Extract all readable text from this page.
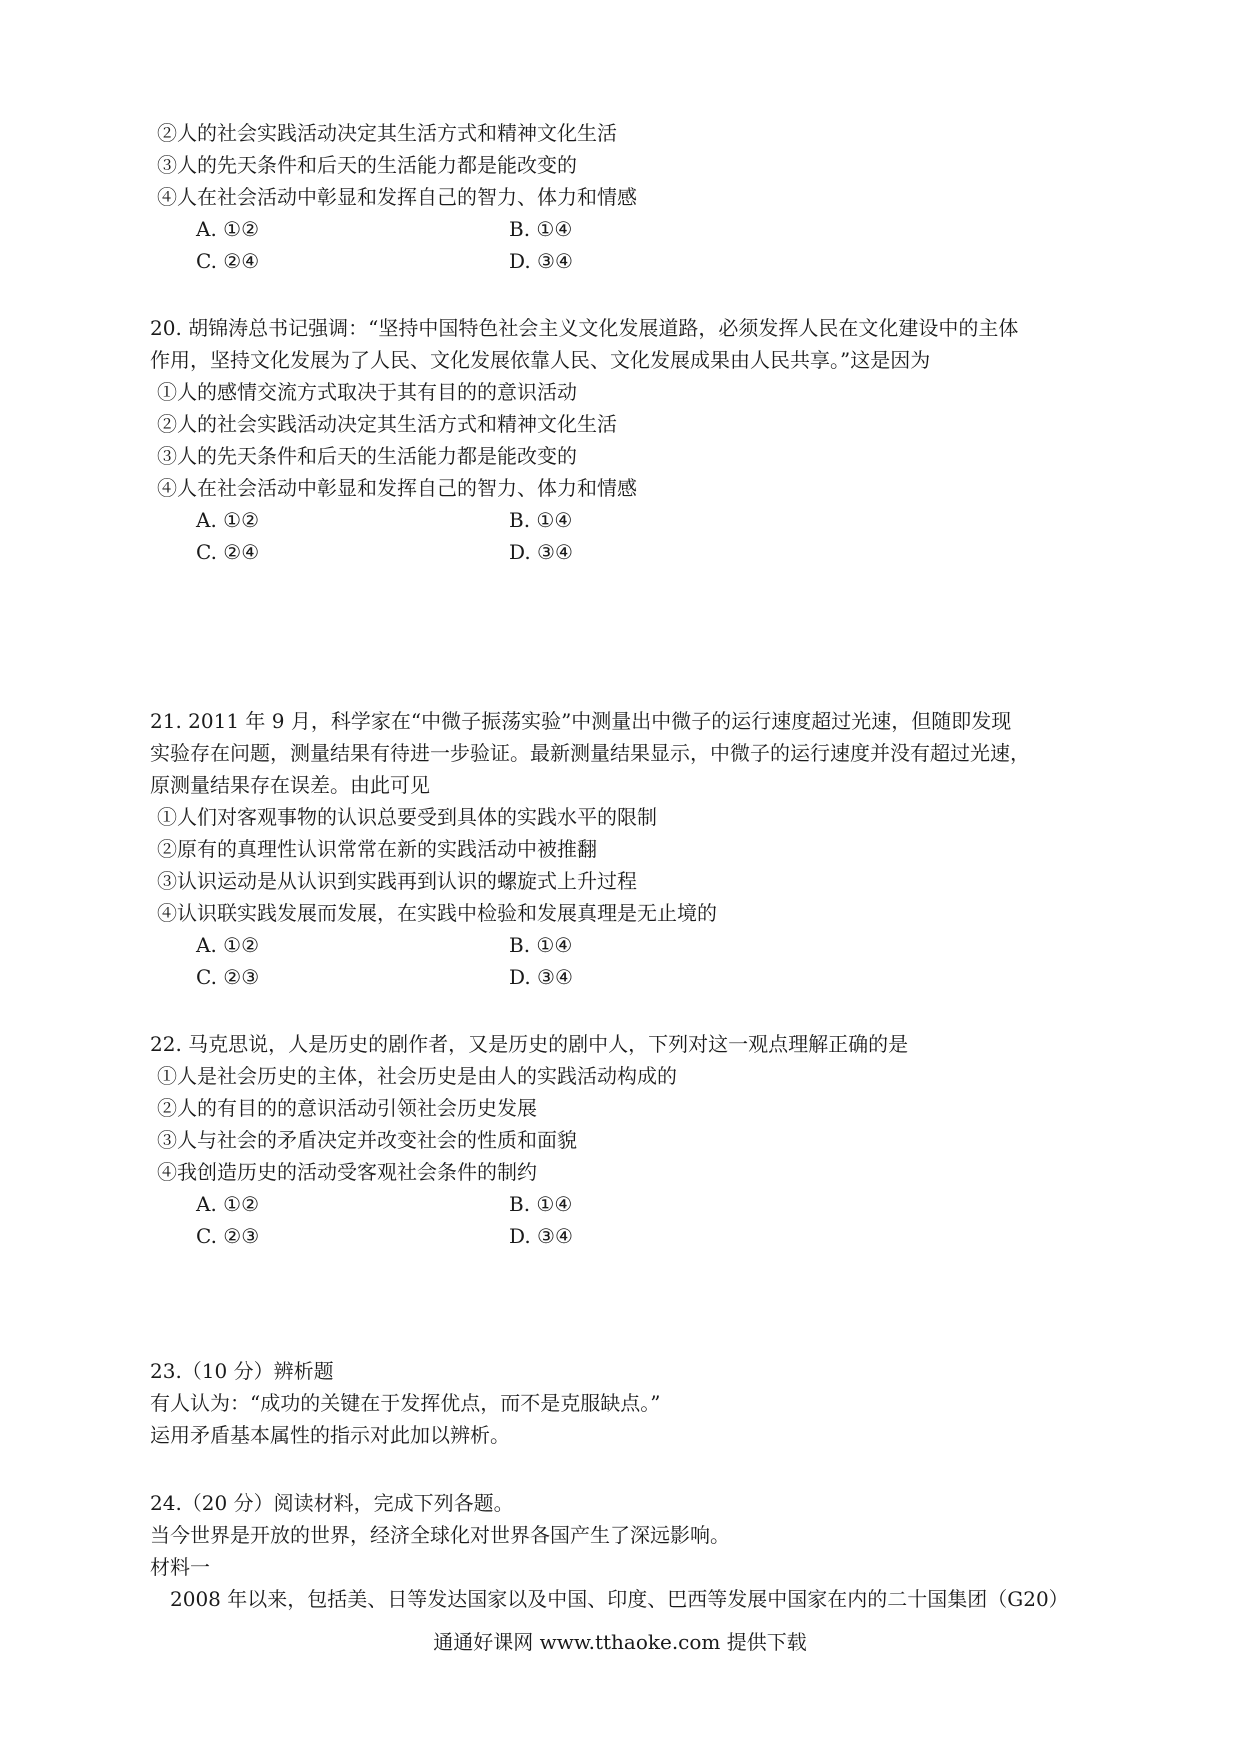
②人的社会实践活动决定其生活方式和精神文化生活
③人的先天条件和后天的生活能力都是能改变的
④人在社会活动中彰显和发挥自己的智力、体力和情感
A. ①②	B. ①④
C. ②④	D. ③④
20. 胡锦涛总书记强调：“坚持中国特色社会主义文化发展道路，必须发挥人民在文化建设中的主体
作用，坚持文化发展为了人民、文化发展依靠人民、文化发展成果由人民共享。”这是因为
①人的感情交流方式取决于其有目的的意识活动
②人的社会实践活动决定其生活方式和精神文化生活
③人的先天条件和后天的生活能力都是能改变的
④人在社会活动中彰显和发挥自己的智力、体力和情感
A. ①②	B. ①④
C. ②④	D. ③④
21. 2011 年 9 月，科学家在“中微子振荡实验”中测量出中微子的运行速度超过光速，但随即发现
实验存在问题，测量结果有待进一步验证。最新测量结果显示，中微子的运行速度并没有超过光速，
原测量结果存在误差。由此可见
①人们对客观事物的认识总要受到具体的实践水平的限制
②原有的真理性认识常常在新的实践活动中被推翻
③认识运动是从认识到实践再到认识的螺旋式上升过程
④认识联实践发展而发展，在实践中检验和发展真理是无止境的
A. ①②	B. ①④
C. ②③	D. ③④
22. 马克思说，人是历史的剧作者，又是历史的剧中人，下列对这一观点理解正确的是
①人是社会历史的主体，社会历史是由人的实践活动构成的
②人的有目的的意识活动引领社会历史发展
③人与社会的矛盾决定并改变社会的性质和面貌
④我创造历史的活动受客观社会条件的制约
A. ①②	B. ①④
C. ②③	D. ③④
23.（10 分）辨析题
有人认为：“成功的关键在于发挥优点，而不是克服缺点。”
运用矛盾基本属性的指示对此加以辨析。
24.（20 分）阅读材料，完成下列各题。
当今世界是开放的世界，经济全球化对世界各国产生了深远影响。
材料一
2008 年以来，包括美、日等发达国家以及中国、印度、巴西等发展中国家在内的二十国集团（G20）
通通好课网 www.tthaoke.com 提供下载
